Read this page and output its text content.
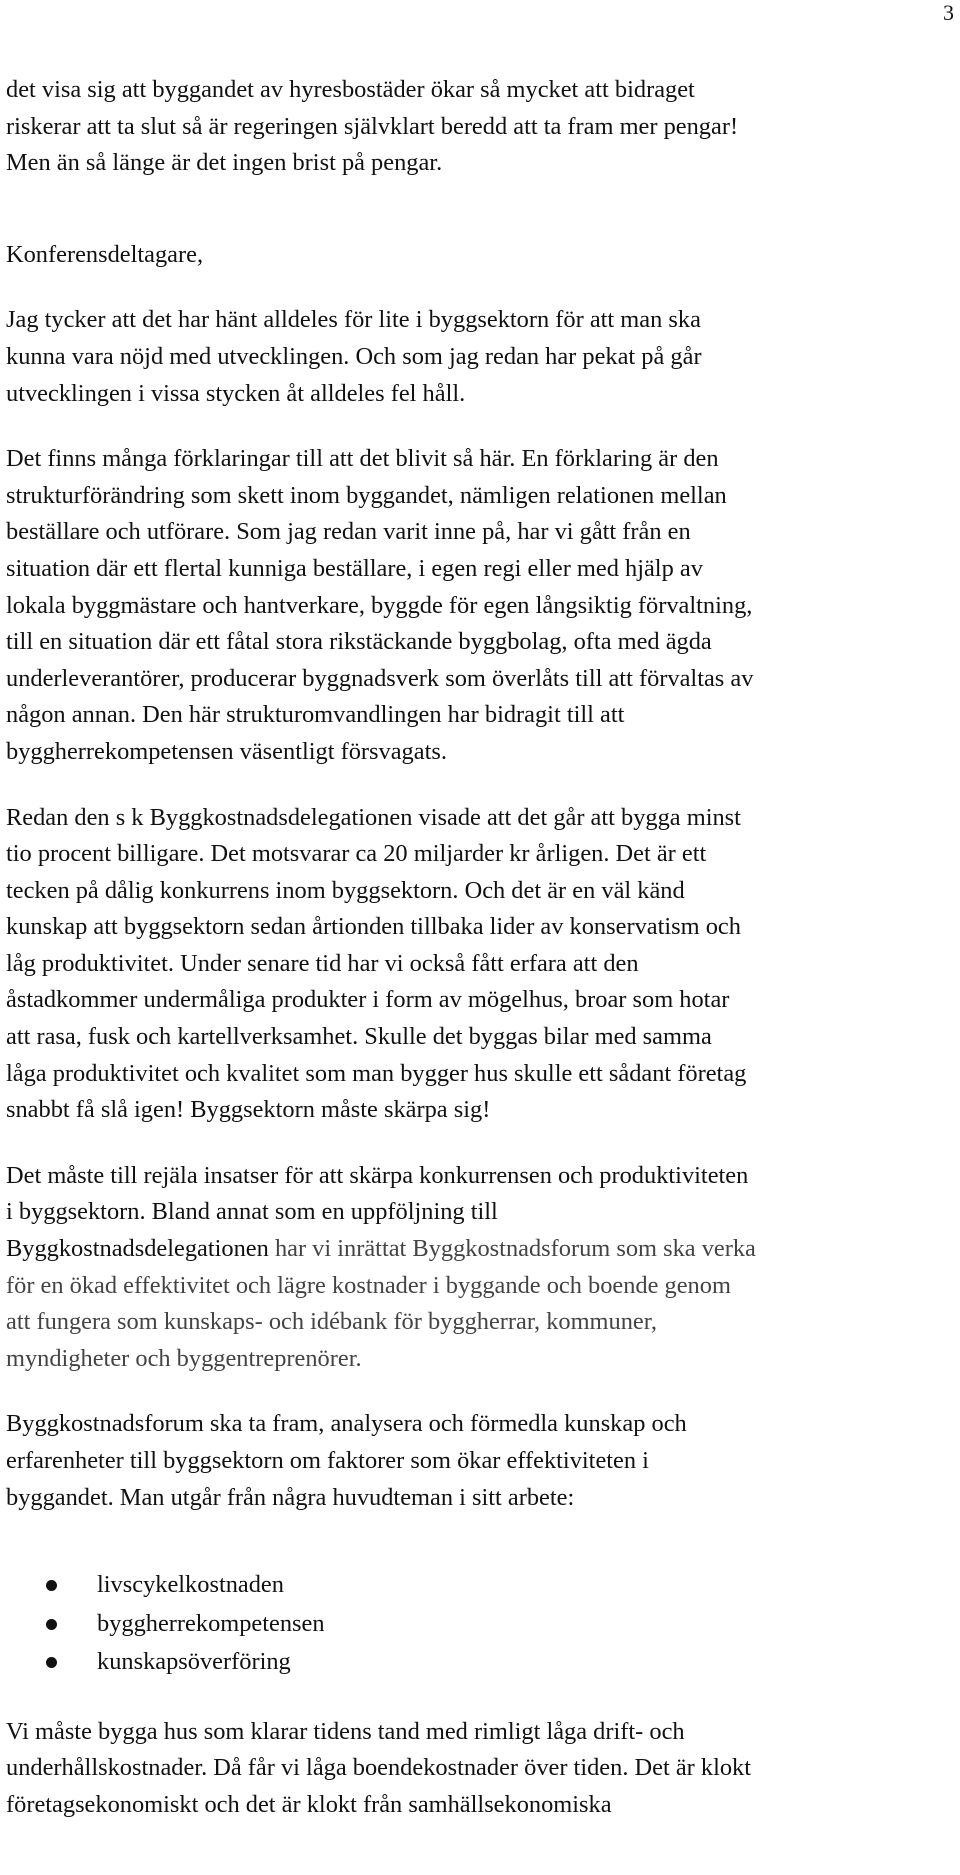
3
det visa sig att byggandet av hyresbostäder ökar så mycket att bidraget
riskerar att ta slut så är regeringen självklart beredd att ta fram mer pengar!
Men än så länge är det ingen brist på pengar.
Konferensdeltagare,
Jag tycker att det har hänt alldeles för lite i byggsektorn för att man ska
kunna vara nöjd med utvecklingen. Och som jag redan har pekat på går
utvecklingen i vissa stycken åt alldeles fel håll.
Det finns många förklaringar till att det blivit så här. En förklaring är den
strukturförändring som skett inom byggandet, nämligen relationen mellan
beställare och utförare. Som jag redan varit inne på, har vi gått från en
situation där ett flertal kunniga beställare, i egen regi eller med hjälp av
lokala byggmästare och hantverkare, byggde för egen långsiktig förvaltning,
till en situation där ett fåtal stora rikstäckande byggbolag, ofta med ägda
underleverantörer, producerar byggnadsverk som överlåts till att förvaltas av
någon annan. Den här strukturomvandlingen har bidragit till att
byggherrekompetensen väsentligt försvagats.
Redan den s k Byggkostnadsdelegationen visade att det går att bygga minst
tio procent billigare. Det motsvarar ca 20 miljarder kr årligen. Det är ett
tecken på dålig konkurrens inom byggsektorn. Och det är en väl känd
kunskap att byggsektorn sedan årtionden tillbaka lider av konservatism och
låg produktivitet. Under senare tid har vi också fått erfara att den
åstadkommer undermåliga produkter i form av mögelhus, broar som hotar
att rasa, fusk och kartellverksamhet. Skulle det byggas bilar med samma
låga produktivitet och kvalitet som man bygger hus skulle ett sådant företag
snabbt få slå igen! Byggsektorn måste skärpa sig!
Det måste till rejäla insatser för att skärpa konkurrensen och produktiviteten
i byggsektorn. Bland annat som en uppföljning till
Byggkostnadsdelegationen har vi inrättat Byggkostnadsforum som ska verka
för en ökad effektivitet och lägre kostnader i byggande och boende genom
att fungera som kunskaps- och idébank för byggherrar, kommuner,
myndigheter och byggentreprenörer.
Byggkostnadsforum ska ta fram, analysera och förmedla kunskap och
erfarenheter till byggsektorn om faktorer som ökar effektiviteten i
byggandet. Man utgår från några huvudteman i sitt arbete:
livscykelkostnaden
byggherrekompetensen
kunskapsöverföring
Vi måste bygga hus som klarar tidens tand med rimligt låga drift- och
underhållskostnader. Då får vi låga boendekostnader över tiden. Det är klokt
företagsekonomiskt och det är klokt från samhällsekonomiska
